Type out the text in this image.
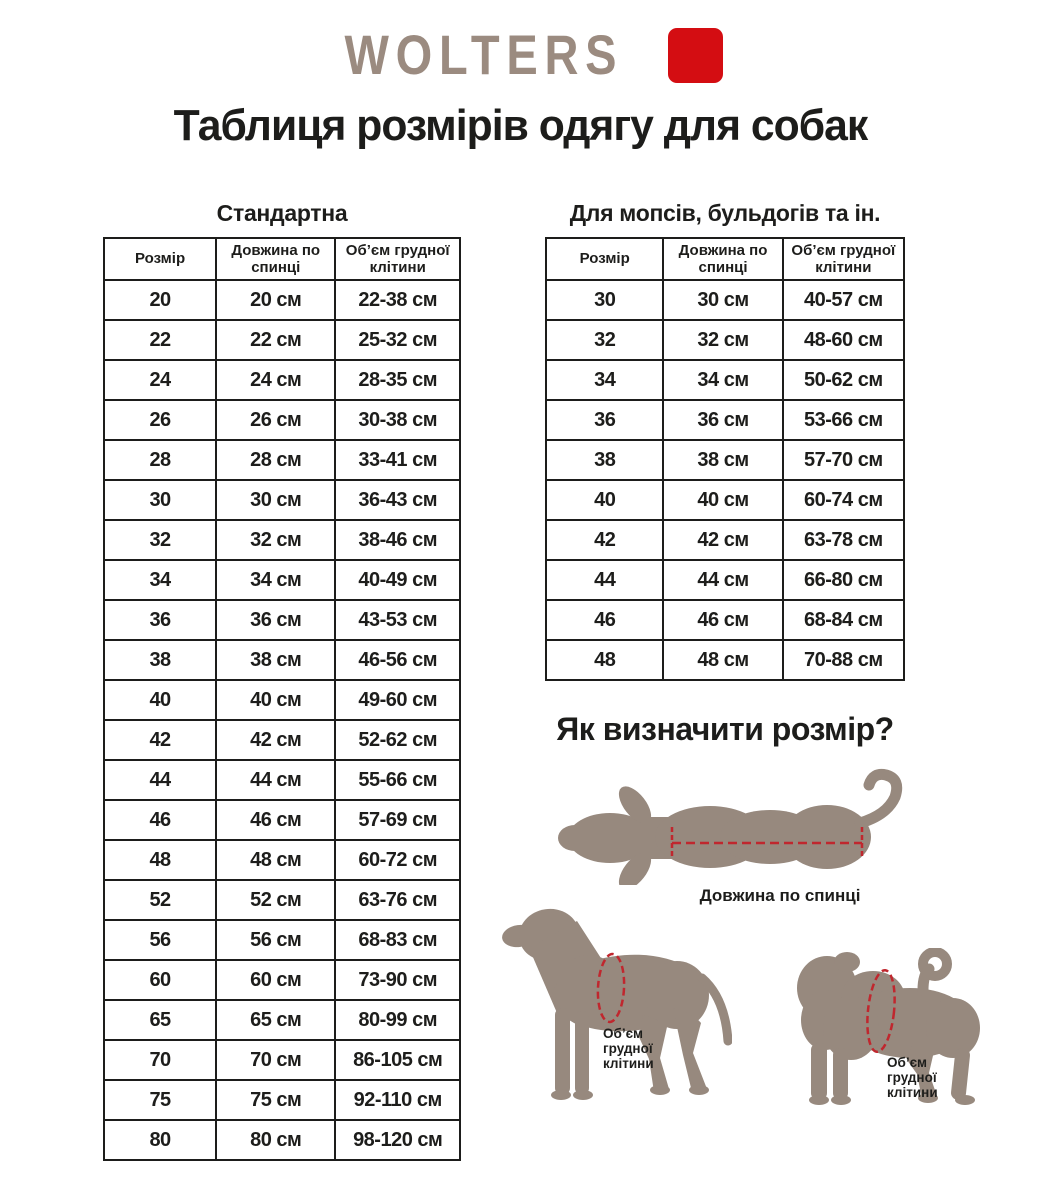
WOLTERS
Таблиця розмірів одягу для собак
Стандартна
Розмір	Довжина по спинці	Об’єм грудної клітини
20	20 см	22-38 см
22	22 см	25-32 см
24	24 см	28-35 см
26	26 см	30-38 см
28	28 см	33-41 см
30	30 см	36-43 см
32	32 см	38-46 см
34	34 см	40-49 см
36	36 см	43-53 см
38	38 см	46-56 см
40	40 см	49-60 см
42	42 см	52-62 см
44	44 см	55-66 см
46	46 см	57-69 см
48	48 см	60-72 см
52	52 см	63-76 см
56	56 см	68-83 см
60	60 см	73-90 см
65	65 см	80-99 см
70	70 см	86-105 см
75	75 см	92-110 см
80	80 см	98-120 см
Для мопсів, бульдогів та ін.
Розмір	Довжина по спинці	Об’єм грудної клітини
30	30 см	40-57 см
32	32 см	48-60 см
34	34 см	50-62 см
36	36 см	53-66 см
38	38 см	57-70 см
40	40 см	60-74 см
42	42 см	63-78 см
44	44 см	66-80 см
46	46 см	68-84 см
48	48 см	70-88 см
Як визначити розмір?
Довжина по спинці
Об’єм
грудної
клітини	Об’єм
грудної
клітини
